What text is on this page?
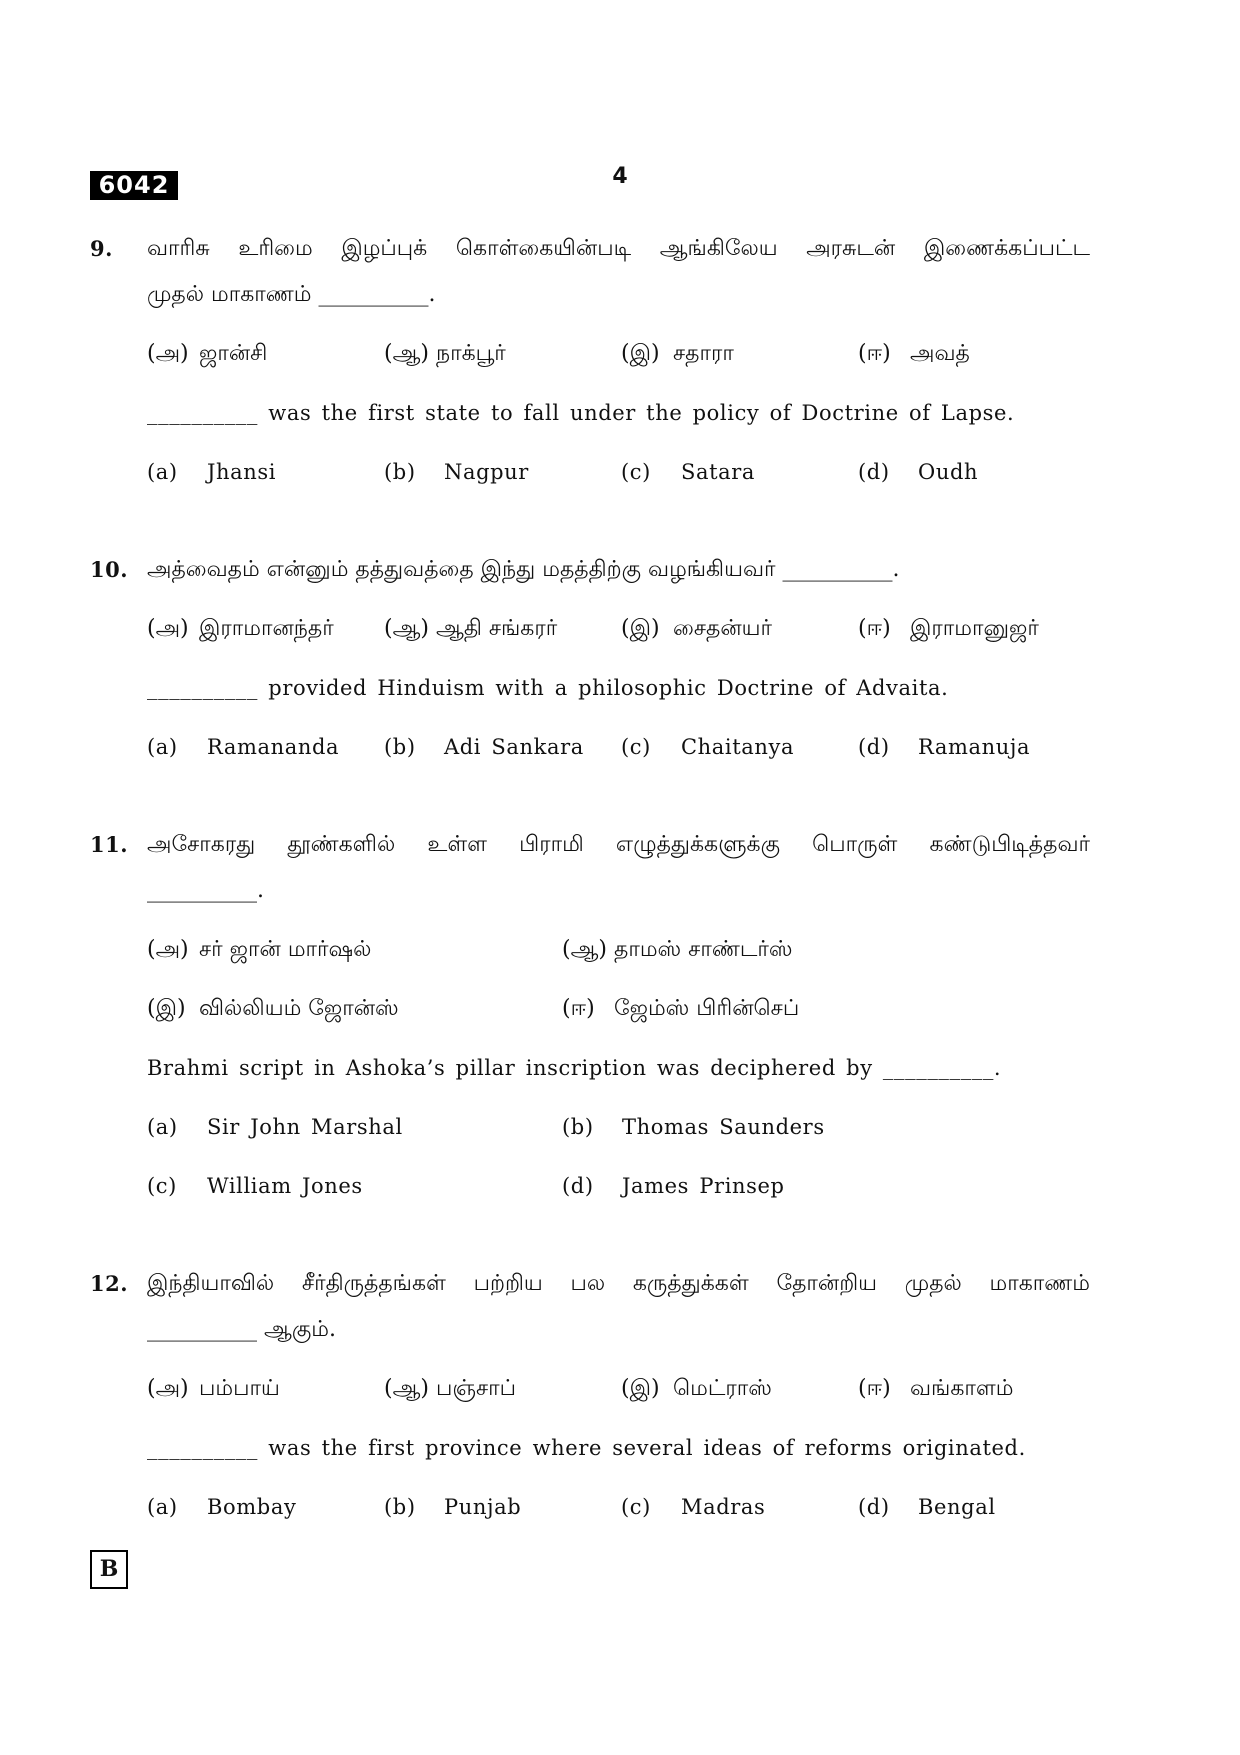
6042	4
9. வாரிசு உரிமை இழப்புக் கொள்கையின்படி ஆங்கிலேய அரசுடன் இணைக்கப்பட்ட
முதல் மாகாணம் __________.
(அ) ஜான்சி	(ஆ) நாக்பூர்	(இ) சதாரா	(ஈ) அவத்
__________ was the first state to fall under the policy of Doctrine of Lapse.
(a) Jhansi	(b) Nagpur	(c) Satara	(d) Oudh
10. அத்வைதம் என்னும் தத்துவத்தை இந்து மதத்திற்கு வழங்கியவர் __________.
(அ) இராமானந்தர்	(ஆ) ஆதி சங்கரர்	(இ) சைதன்யர்	(ஈ) இராமானுஜர்
__________ provided Hinduism with a philosophic Doctrine of Advaita.
(a) Ramananda	(b) Adi Sankara	(c) Chaitanya	(d) Ramanuja
11. அசோகரது தூண்களில் உள்ள பிராமி எழுத்துக்களுக்கு பொருள் கண்டுபிடித்தவர்
__________.
(அ) சர் ஜான் மார்ஷல்	(ஆ) தாமஸ் சாண்டர்ஸ்
(இ) வில்லியம் ஜோன்ஸ்	(ஈ) ஜேம்ஸ் பிரின்செப்
Brahmi script in Ashoka’s pillar inscription was deciphered by __________.
(a) Sir John Marshal	(b) Thomas Saunders
(c) William Jones	(d) James Prinsep
12. இந்தியாவில் சீர்திருத்தங்கள் பற்றிய பல கருத்துக்கள் தோன்றிய முதல் மாகாணம்
__________ ஆகும்.
(அ) பம்பாய்	(ஆ) பஞ்சாப்	(இ) மெட்ராஸ்	(ஈ) வங்காளம்
__________ was the first province where several ideas of reforms originated.
(a) Bombay	(b) Punjab	(c) Madras	(d) Bengal
B
